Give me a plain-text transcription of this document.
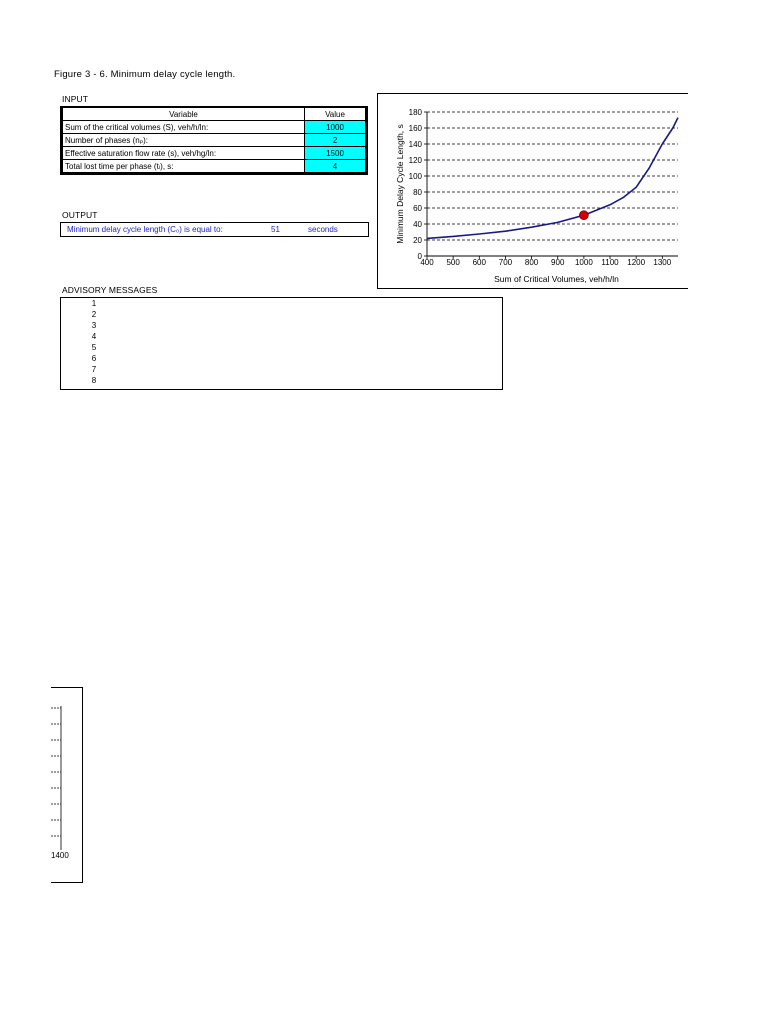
Figure 3 - 6. Minimum delay cycle length.
INPUT
Variable	Value
Sum of the critical volumes (S), veh/h/ln:	1000
Number of phases (nₚ):	2
Effective saturation flow rate (s), veh/hg/ln:	1500
Total lost time per phase (tₗ), s:	4
OUTPUT
Minimum delay cycle length (C₀) is equal to:	51	seconds
ADVISORY MESSAGES
1
2
3
4
5
6
7
8
0
20
40
60
80
100
120
140
160
180
400 500 600 700 800 900 1000 1100 1200 1300
Sum of Critical Volumes, veh/h/ln
Minimum Delay Cycle Length, s
1400
